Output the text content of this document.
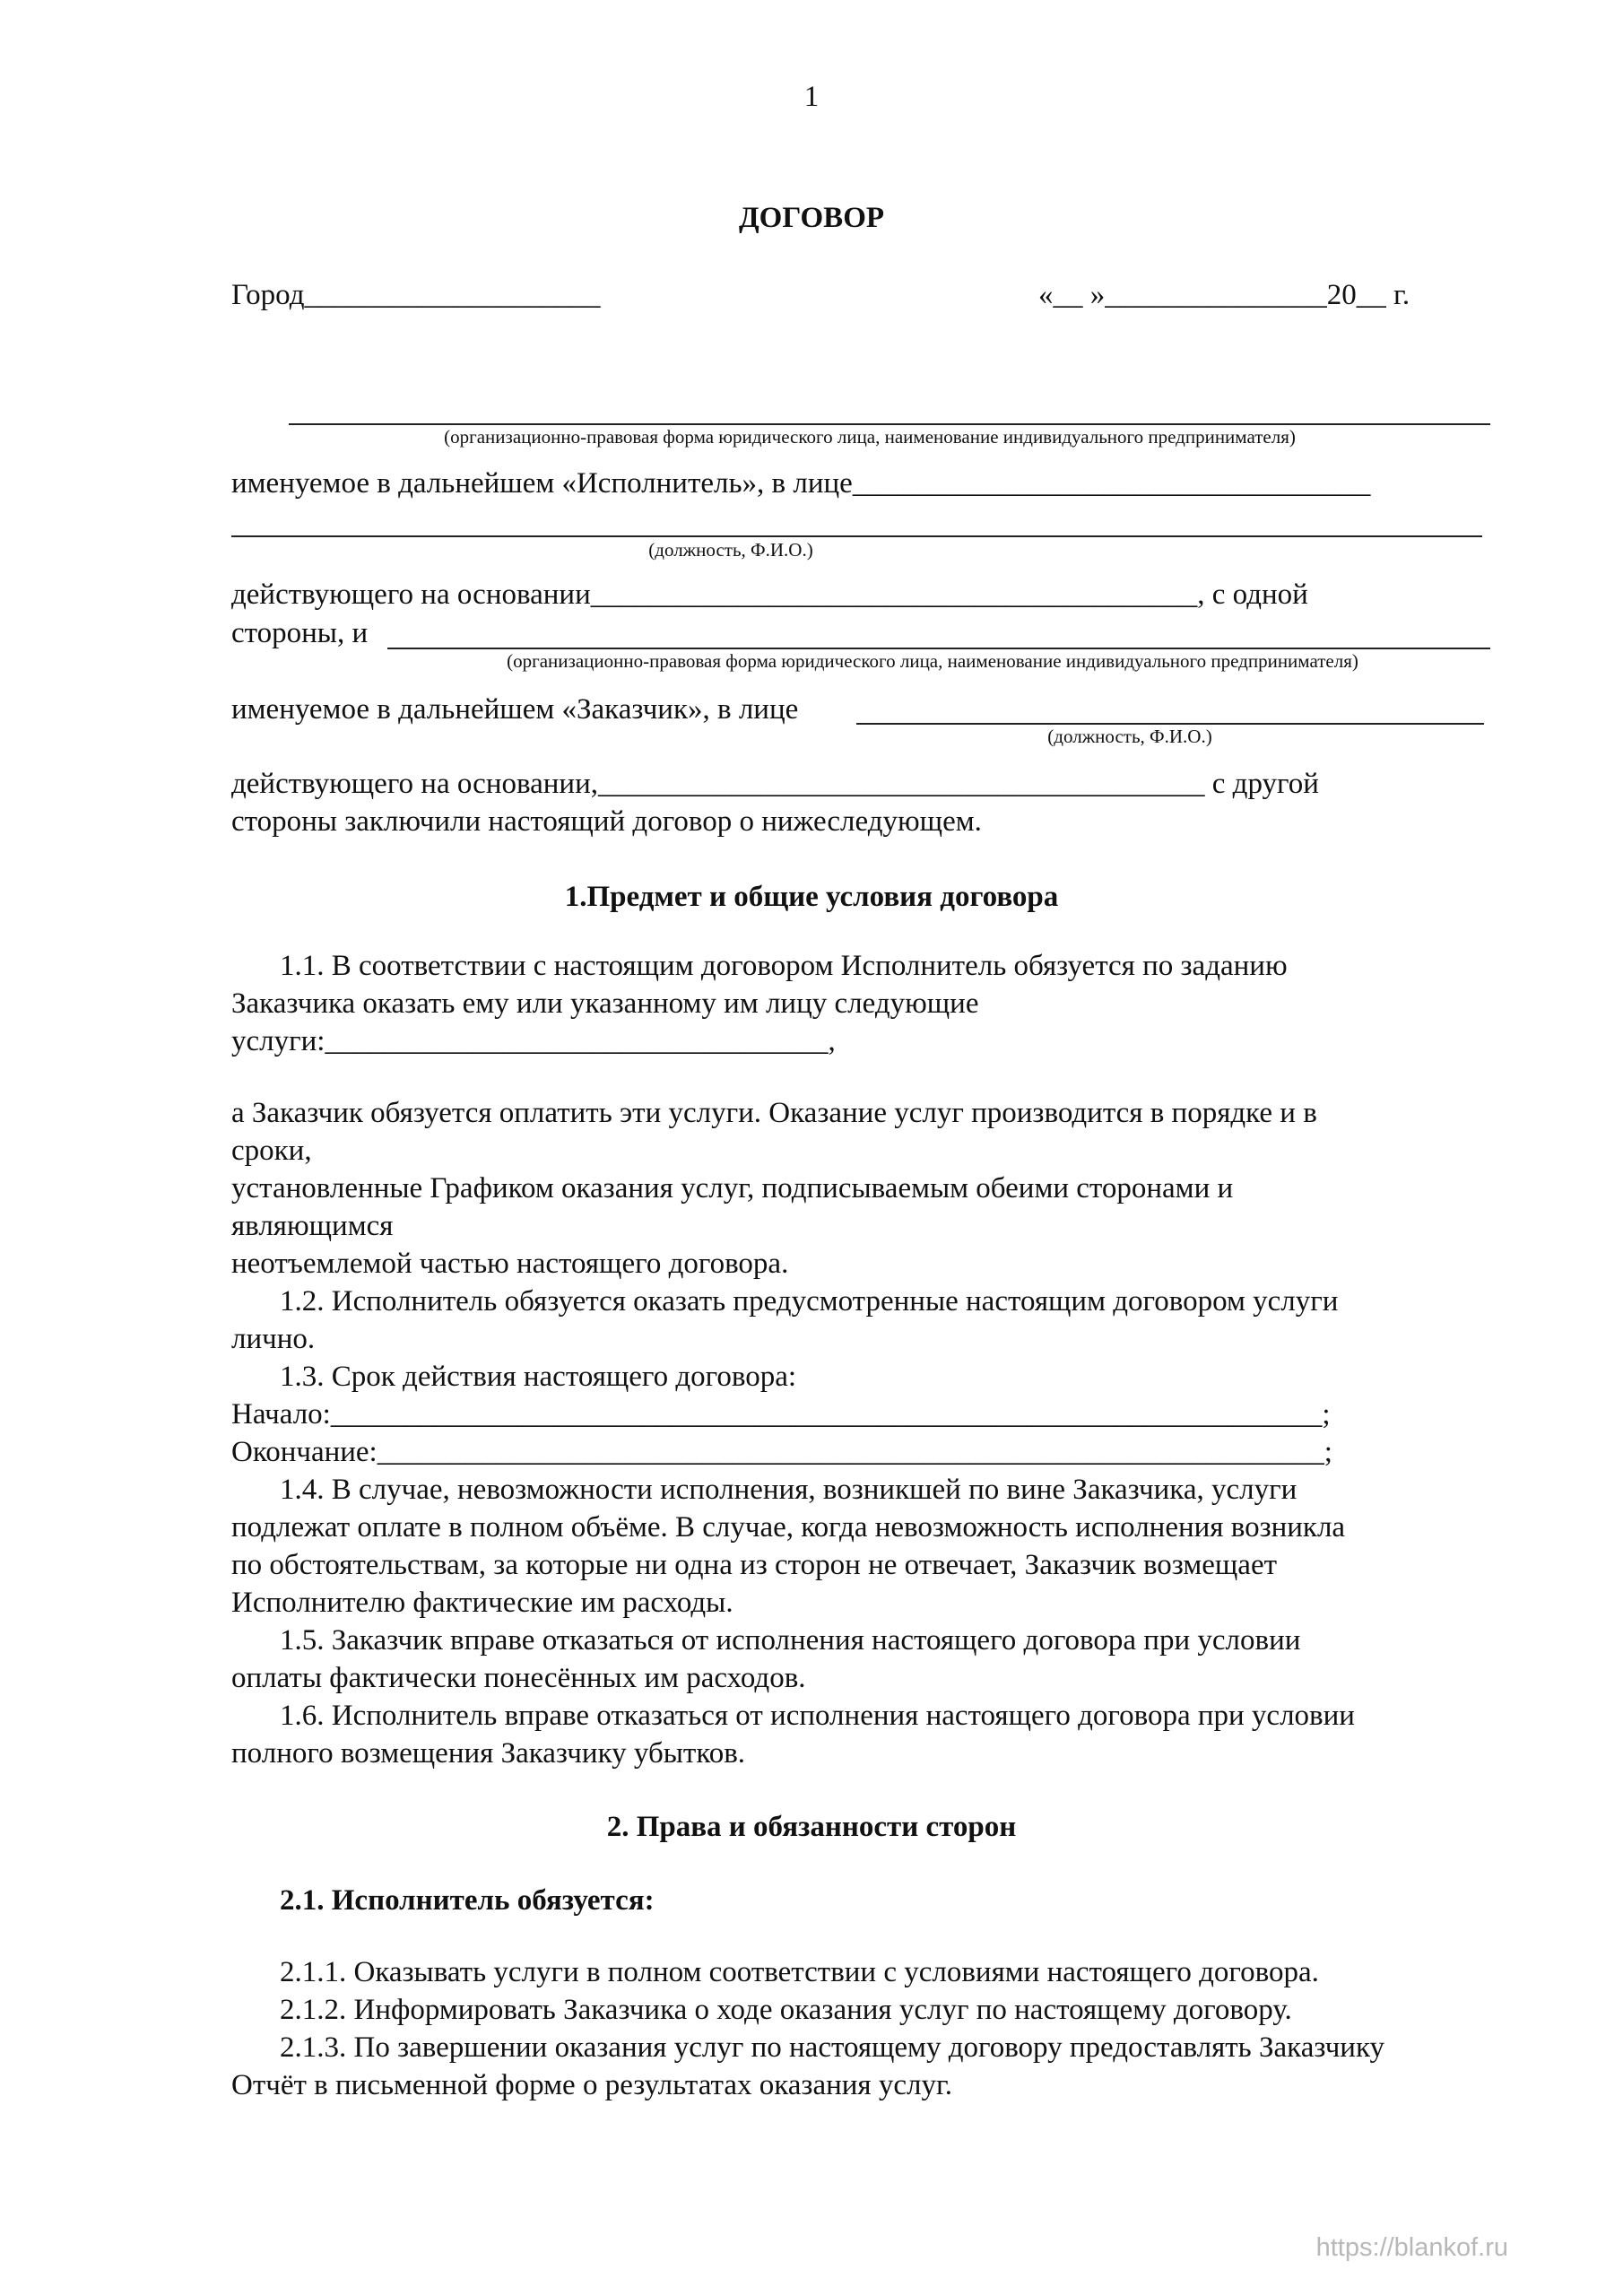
1
ДОГОВОР
Город____________________	«__ »_______________20__ г.
(организационно-правовая форма юридического лица, наименование индивидуального предпринимателя)
именуемое в дальнейшем «Исполнитель», в лице___________________________________
(должность, Ф.И.О.)
действующего на основании_________________________________________, с одной
стороны, и
(организационно-правовая форма юридического лица, наименование индивидуального предпринимателя)
именуемое в дальнейшем «Заказчик», в лице
(должность, Ф.И.О.)
действующего на основании,_________________________________________ с другой
стороны заключили настоящий договор о нижеследующем.
1.Предмет и общие условия договора
1.1. В соответствии с настоящим договором Исполнитель обязуется по заданию
Заказчика оказать ему или указанному им лицу следующие
услуги:__________________________________,
а Заказчик обязуется оплатить эти услуги. Оказание услуг производится в порядке и в
сроки,
установленные Графиком оказания услуг, подписываемым обеими сторонами и
являющимся
неотъемлемой частью настоящего договора.
1.2. Исполнитель обязуется оказать предусмотренные настоящим договором услуги
лично.
1.3. Срок действия настоящего договора:
Начало:___________________________________________________________________;
Окончание:________________________________________________________________;
1.4. В случае, невозможности исполнения, возникшей по вине Заказчика, услуги
подлежат оплате в полном объёме. В случае, когда невозможность исполнения возникла
по обстоятельствам, за которые ни одна из сторон не отвечает, Заказчик возмещает
Исполнителю фактические им расходы.
1.5. Заказчик вправе отказаться от исполнения настоящего договора при условии
оплаты фактически понесённых им расходов.
1.6. Исполнитель вправе отказаться от исполнения настоящего договора при условии
полного возмещения Заказчику убытков.
2. Права и обязанности сторон
2.1. Исполнитель обязуется:
2.1.1. Оказывать услуги в полном соответствии с условиями настоящего договора.
2.1.2. Информировать Заказчика о ходе оказания услуг по настоящему договору.
2.1.3. По завершении оказания услуг по настоящему договору предоставлять Заказчику
Отчёт в письменной форме о результатах оказания услуг.
https://blankof.ru
